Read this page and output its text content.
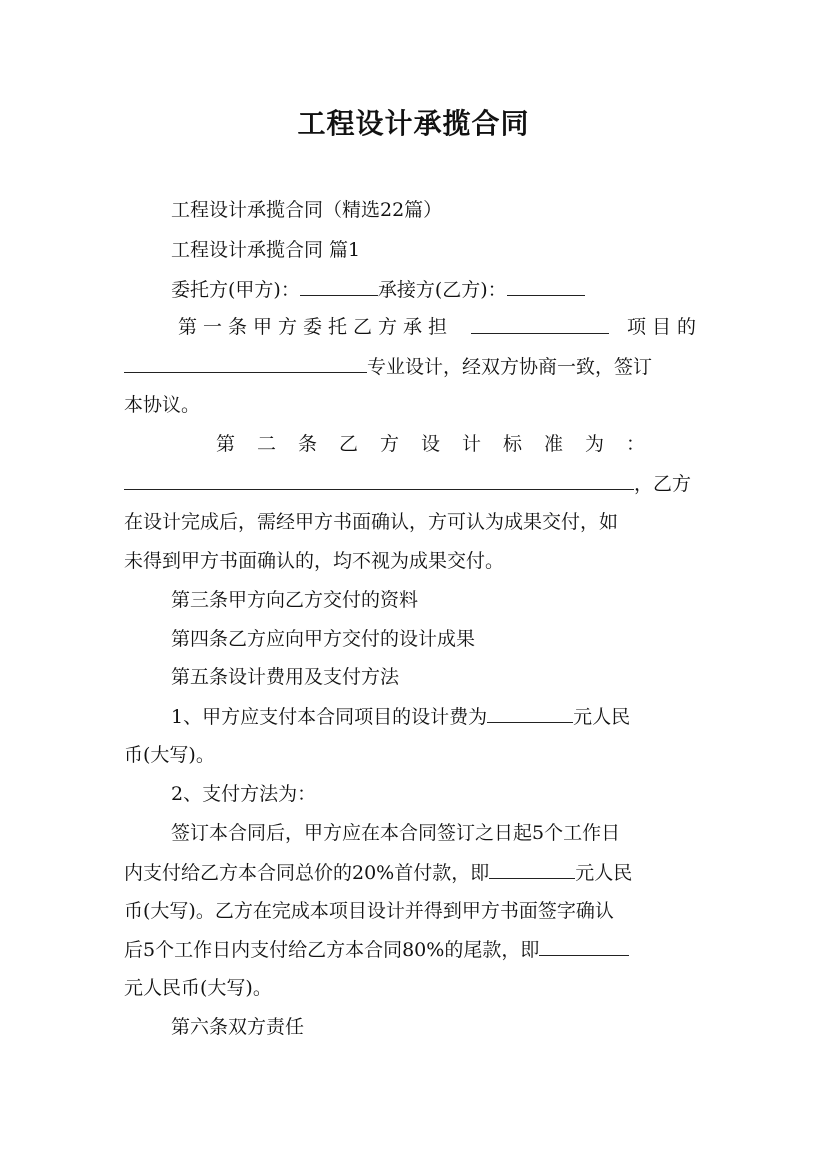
工程设计承揽合同
工程设计承揽合同（精选22篇）
工程设计承揽合同 篇1
委托方(甲方)：	承接方(乙方)：
第一条甲方委托乙方承担	项目的
专业设计，经双方协商一致，签订
本协议。
第二条乙方设计标准为：
，乙方
在设计完成后，需经甲方书面确认，方可认为成果交付，如
未得到甲方书面确认的，均不视为成果交付。
第三条甲方向乙方交付的资料
第四条乙方应向甲方交付的设计成果
第五条设计费用及支付方法
1、甲方应支付本合同项目的设计费为	元人民
币(大写)。
2、支付方法为：
签订本合同后，甲方应在本合同签订之日起5个工作日
内支付给乙方本合同总价的20%首付款，即	元人民
币(大写)。乙方在完成本项目设计并得到甲方书面签字确认
后5个工作日内支付给乙方本合同80%的尾款，即
元人民币(大写)。
第六条双方责任
